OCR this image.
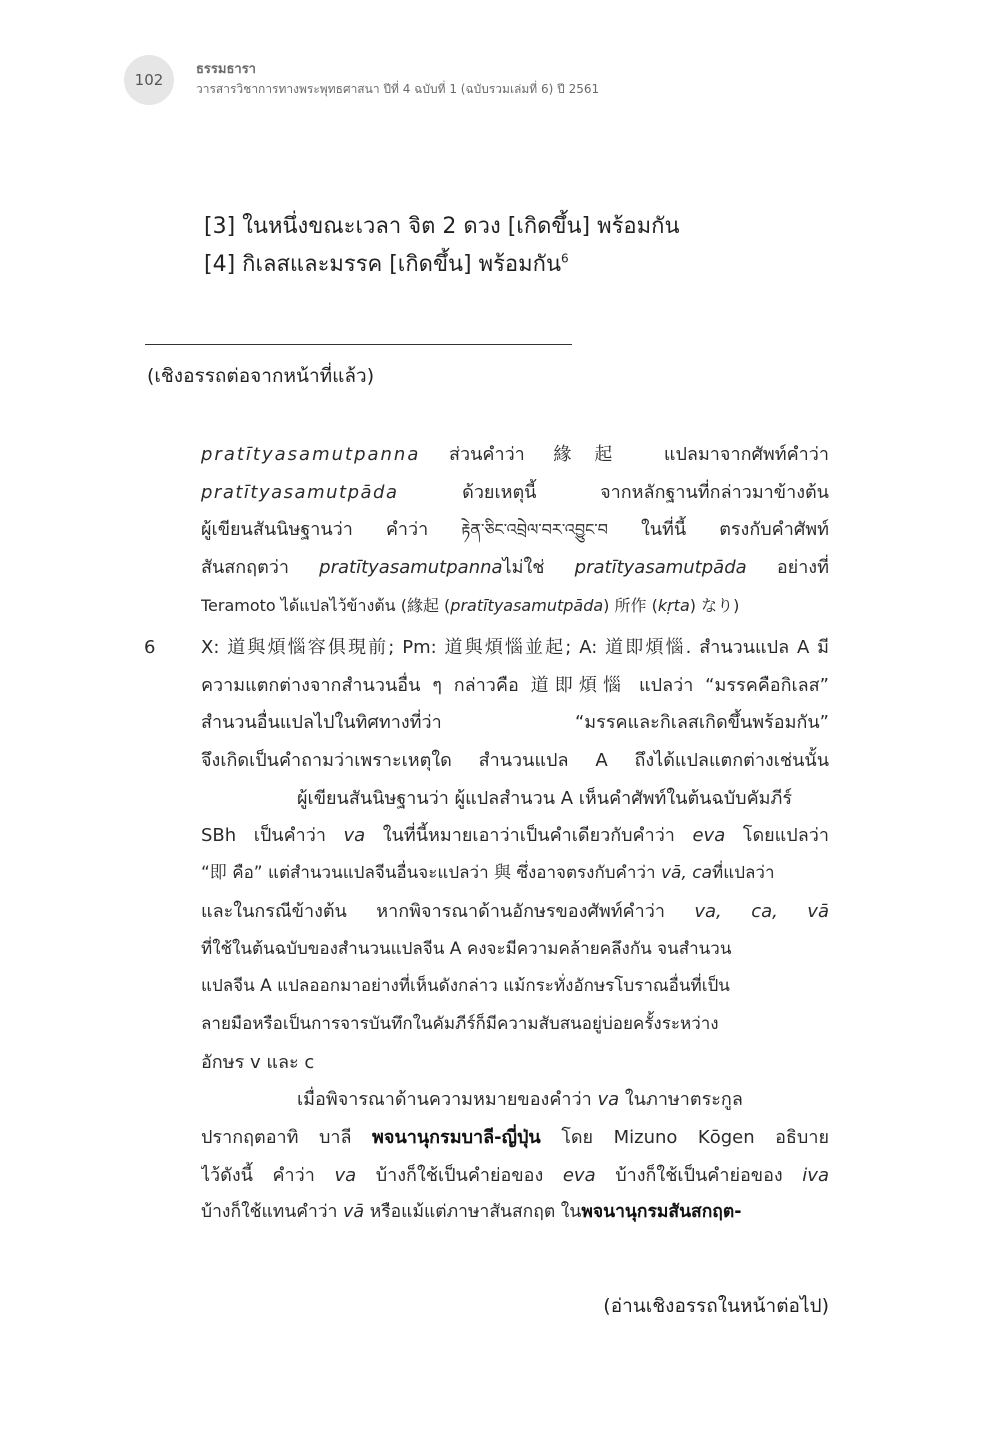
102
ธรรมธารา
วารสารวิชาการทางพระพุทธศาสนา ปีที่ 4 ฉบับที่ 1 (ฉบับรวมเล่มที่ 6) ปี 2561
[3] ในหนึ่งขณะเวลา จิต 2 ดวง [เกิดขึ้น] พร้อมกัน
[4] กิเลสและมรรค [เกิดขึ้น] พร้อมกัน$^6$
(เชิงอรรถต่อจากหน้าที่แล้ว)
pratītyasamutpanna ส่วนคำว่า 緣起 แปลมาจากศัพท์คำว่า
pratītyasamutpāda	ด้วยเหตุนี้ จากหลักฐานที่กล่าวมาข้างต้น
ผู้เขียนสันนิษฐานว่า คำว่า རྟེན་ཅིང་འབྲེལ་བར་འབྱུང་བ ในที่นี้ ตรงกับคำศัพท์
สันสกฤตว่า pratītyasamutpannaไม่ใช่ pratītyasamutpāda อย่างที่
Teramoto ได้แปลไว้ข้างต้น (緣起 (pratītyasamutpāda) 所作 (kṛta) なり)
6	X: 道與煩惱容俱現前; Pm: 道與煩惱並起; A: 道即煩惱. สำนวนแปล A มี
ความแตกต่างจากสำนวนอื่น ๆ กล่าวคือ 道即煩惱 แปลว่า “มรรคคือกิเลส”
สำนวนอื่นแปลไปในทิศทางที่ว่า “มรรคและกิเลสเกิดขึ้นพร้อมกัน”
จึงเกิดเป็นคำถามว่าเพราะเหตุใด สำนวนแปล A ถึงได้แปลแตกต่างเช่นนั้น
ผู้เขียนสันนิษฐานว่า ผู้แปลสำนวน A เห็นคำศัพท์ในต้นฉบับคัมภีร์
SBh เป็นคำว่า va ในที่นี้หมายเอาว่าเป็นคำเดียวกับคำว่า eva โดยแปลว่า
“即 คือ” แต่สำนวนแปลจีนอื่นจะแปลว่า 與 ซึ่งอาจตรงกับคำว่า vā, caที่แปลว่า
และในกรณีข้างต้น หากพิจารณาด้านอักษรของศัพท์คำว่า va, ca, vā
ที่ใช้ในต้นฉบับของสำนวนแปลจีน A คงจะมีความคล้ายคลึงกัน จนสำนวน
แปลจีน A แปลออกมาอย่างที่เห็นดังกล่าว แม้กระทั่งอักษรโบราณอื่นที่เป็น
ลายมือหรือเป็นการจารบันทึกในคัมภีร์ก็มีความสับสนอยู่บ่อยครั้งระหว่าง
อักษร v และ c
เมื่อพิจารณาด้านความหมายของคำว่า va ในภาษาตระกูล
ปรากฤตอาทิ บาลี พจนานุกรมบาลี-ญี่ปุ่น โดย Mizuno Kōgen อธิบาย
ไว้ดังนี้ คำว่า va บ้างก็ใช้เป็นคำย่อของ eva บ้างก็ใช้เป็นคำย่อของ iva
บ้างก็ใช้แทนคำว่า vā หรือแม้แต่ภาษาสันสกฤต ในพจนานุกรมสันสกฤต-
(อ่านเชิงอรรถในหน้าต่อไป)
